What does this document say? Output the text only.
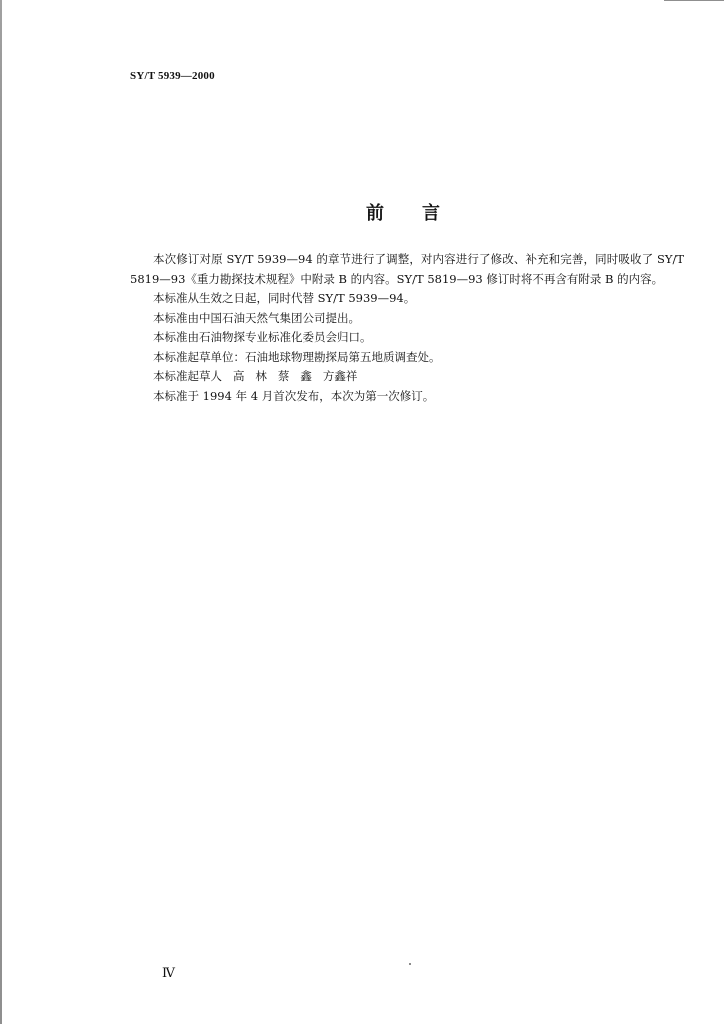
SY/T 5939—2000
前 言

本次修订对原 SY/T 5939—94 的章节进行了调整，对内容进行了修改、补充和完善，同时吸收了 SY/T 5819—93《重力勘探技术规程》中附录 B 的内容。SY/T 5819—93 修订时将不再含有附录 B 的内容。

本标准从生效之日起，同时代替 SY/T 5939—94。

本标准由中国石油天然气集团公司提出。

本标准由石油物探专业标准化委员会归口。

本标准起草单位：石油地球物理勘探局第五地质调查处。

本标准起草人   高   林   蔡   鑫   方鑫祥

本标准于 1994 年 4 月首次发布，本次为第一次修订。

Ⅳ
